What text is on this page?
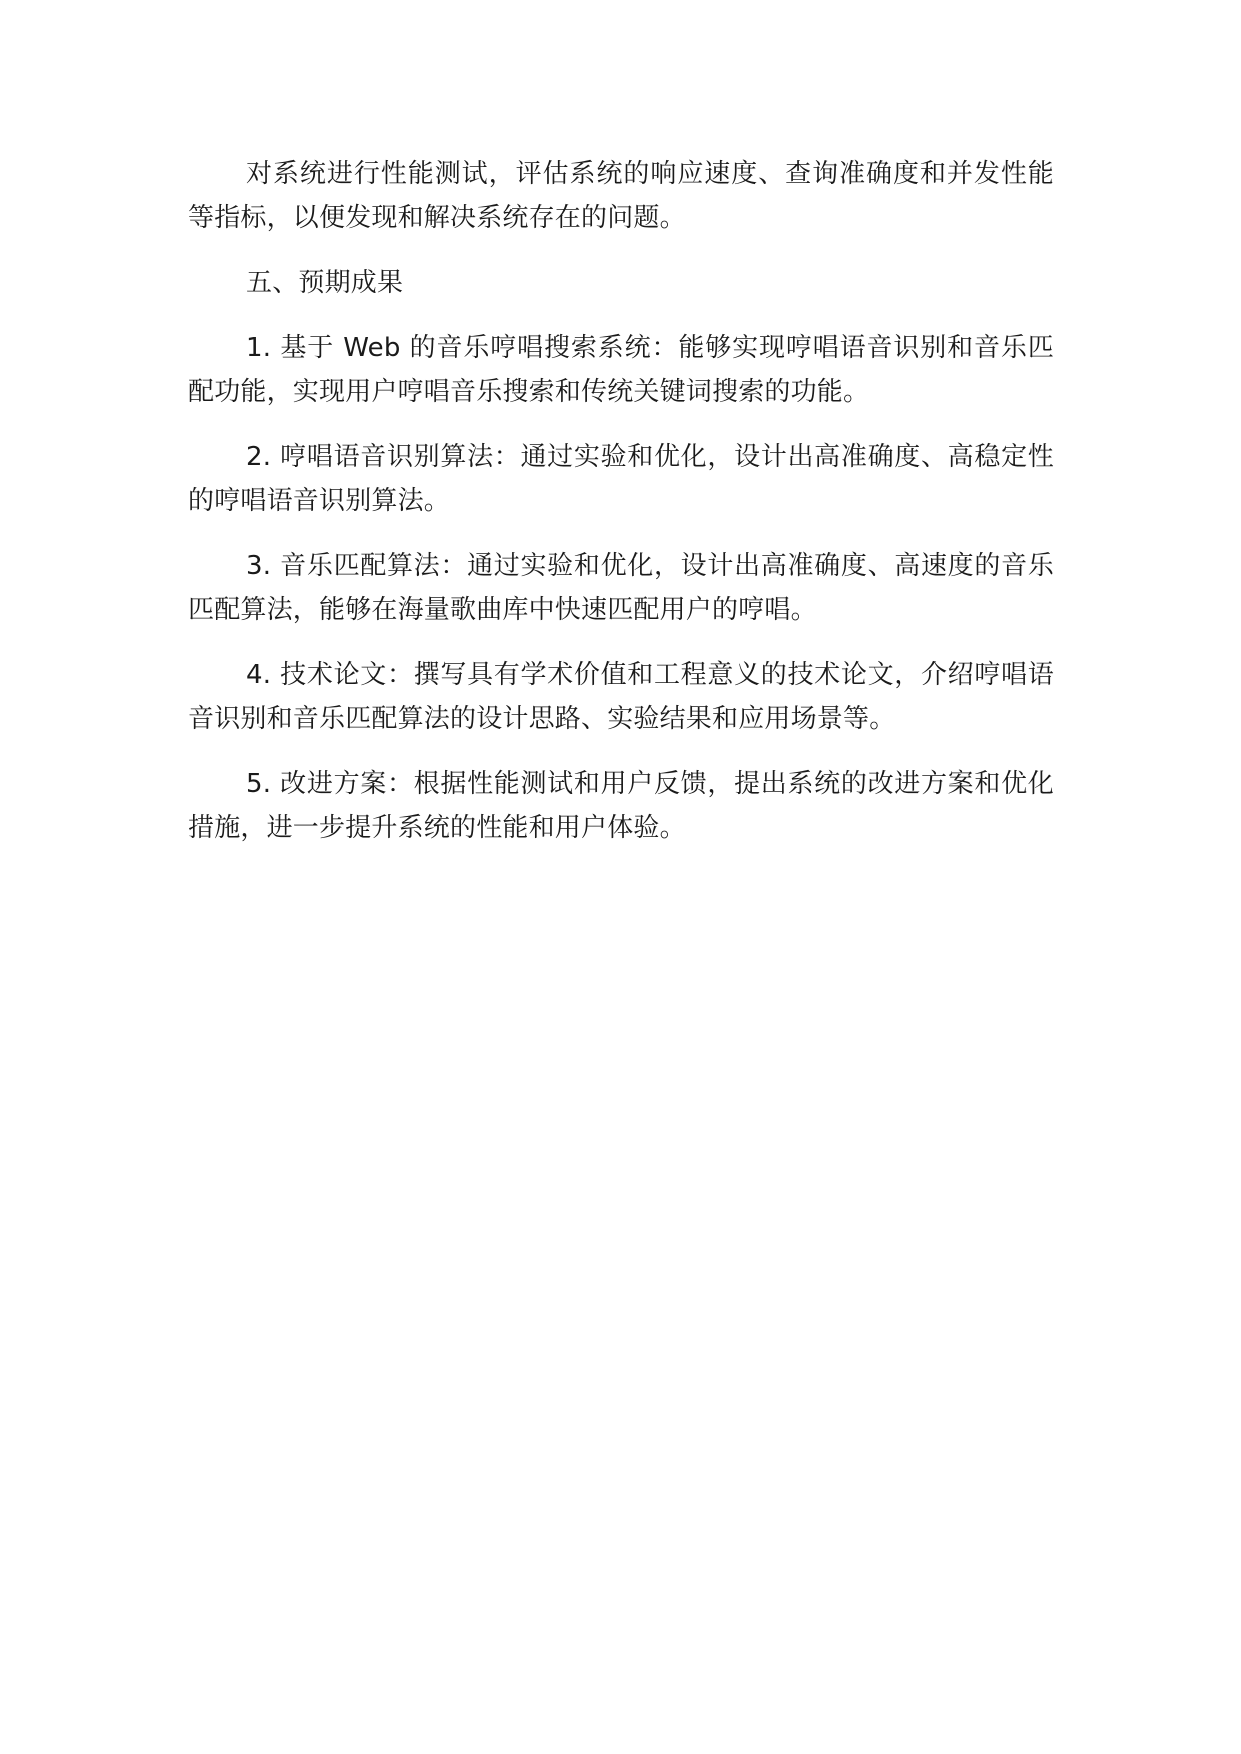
对系统进行性能测试，评估系统的响应速度、查询准确度和并发性能等指标，以便发现和解决系统存在的问题。

五、预期成果

1. 基于 Web 的音乐哼唱搜索系统：能够实现哼唱语音识别和音乐匹配功能，实现用户哼唱音乐搜索和传统关键词搜索的功能。

2. 哼唱语音识别算法：通过实验和优化，设计出高准确度、高稳定性的哼唱语音识别算法。

3. 音乐匹配算法：通过实验和优化，设计出高准确度、高速度的音乐匹配算法，能够在海量歌曲库中快速匹配用户的哼唱。

4. 技术论文：撰写具有学术价值和工程意义的技术论文，介绍哼唱语音识别和音乐匹配算法的设计思路、实验结果和应用场景等。

5. 改进方案：根据性能测试和用户反馈，提出系统的改进方案和优化措施，进一步提升系统的性能和用户体验。
